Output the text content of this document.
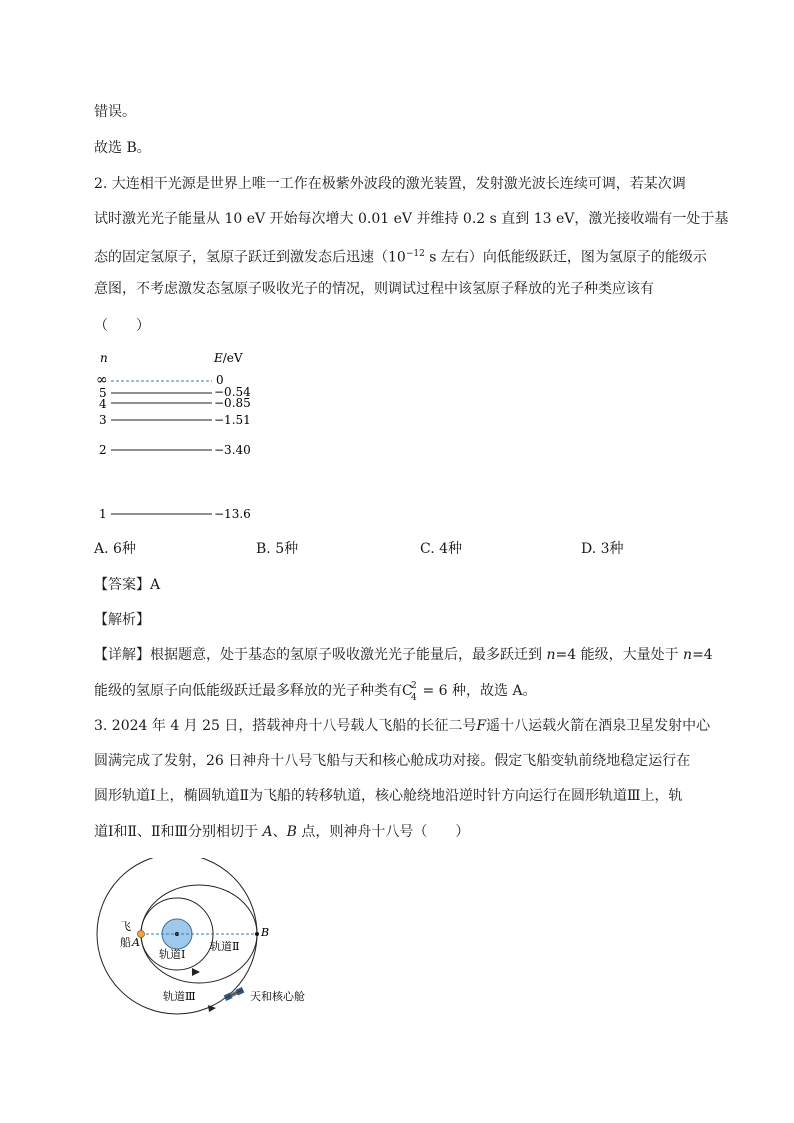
错误。
故选 B。
2. 大连相干光源是世界上唯一工作在极紫外波段的激光装置，发射激光波长连续可调，若某次调
试时激光光子能量从 10 eV 开始每次增大 0.01 eV 并维持 0.2 s 直到 13 eV，激光接收端有一处于基
态的固定氢原子，氢原子跃迁到激发态后迅速（$10^{-12}$ s 左右）向低能级跃迁，图为氢原子的能级示
意图，不考虑激发态氢原子吸收光子的情况，则调试过程中该氢原子释放的光子种类应该有
（　　）
n	E/eV
∞	0
5	−0.54
4	−0.85
3	−1.51
2	−3.40
1	−13.6
A. 6种	B. 5种	C. 4种	D. 3种
【答案】A
【解析】
【详解】根据题意，处于基态的氢原子吸收激光光子能量后，最多跃迁到 n=4 能级，大量处于 n=4
能级的氢原子向低能级跃迁最多释放的光子种类有 C
2
4 = 6 种，故选 A。
3. 2024 年 4 月 25 日，搭载神舟十八号载人飞船的长征二号F遥十八运载火箭在酒泉卫星发射中心
圆满完成了发射，26 日神舟十八号飞船与天和核心舱成功对接。假定飞船变轨前绕地稳定运行在
圆形轨道Ⅰ上，椭圆轨道Ⅱ为飞船的转移轨道，核心舱绕地沿逆时针方向运行在圆形轨道Ⅲ上，轨
道Ⅰ和Ⅱ、Ⅱ和Ⅲ分别相切于 A、B 点，则神舟十八号（　　）
飞
船 A
B
轨道Ⅰ
轨道Ⅱ
轨道Ⅲ	天和核心舱
